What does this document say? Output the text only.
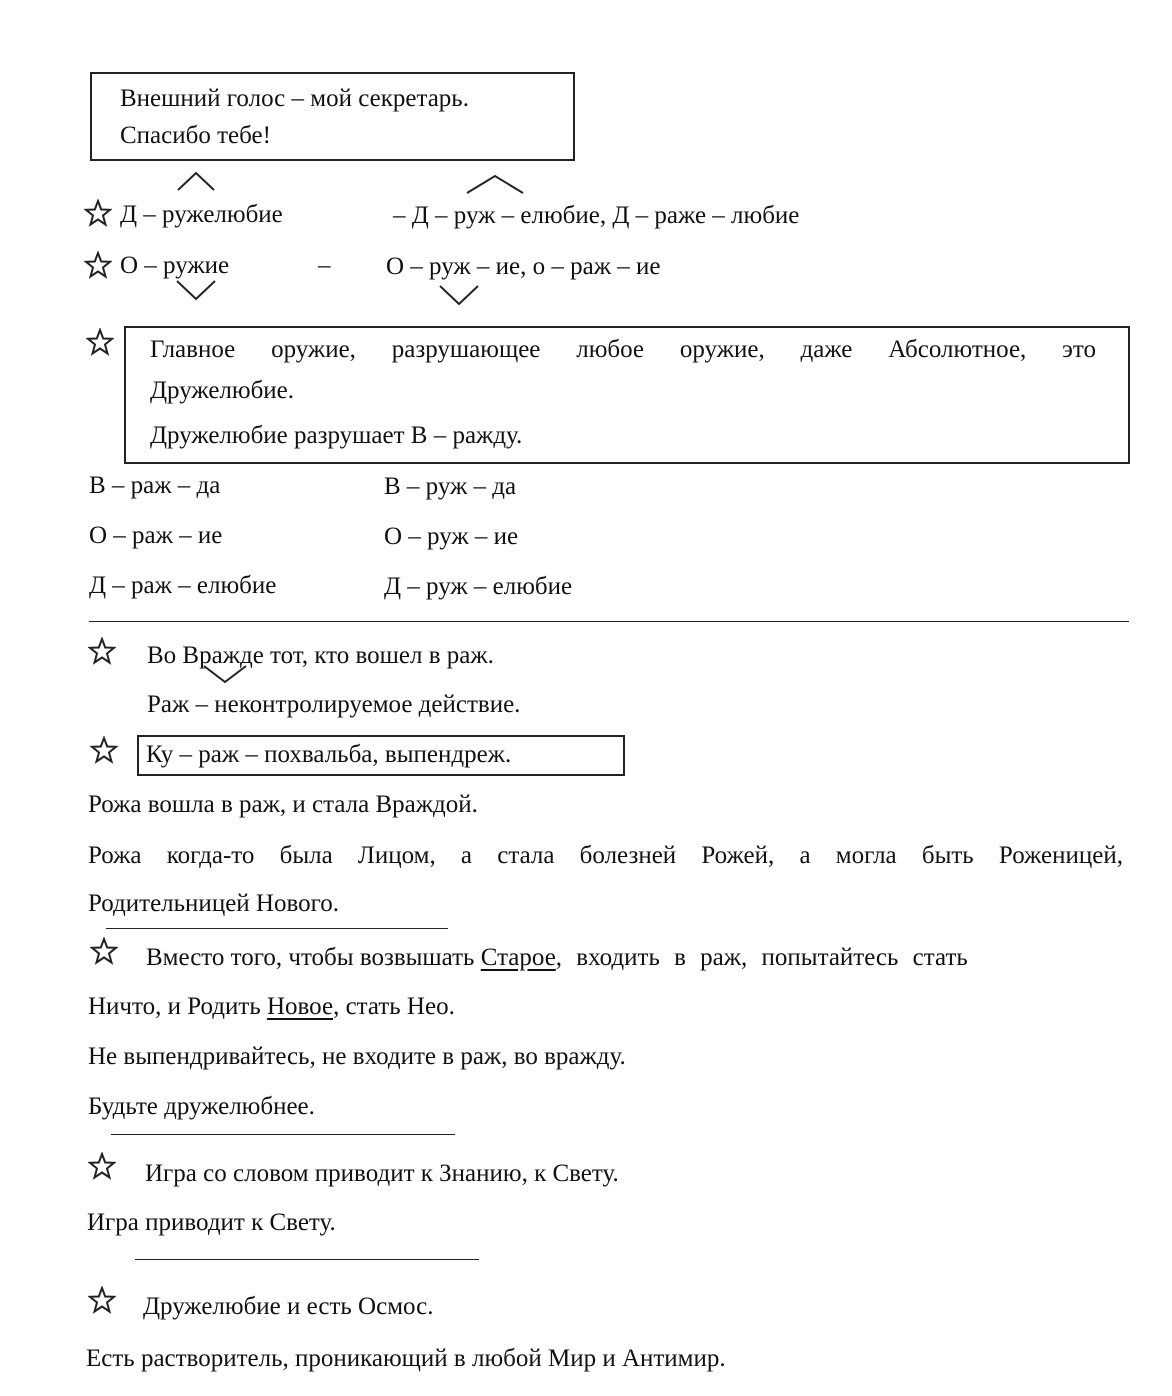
Внешний голос – мой секретарь.
Спасибо тебе!
Д – ружелюбие	– Д – руж – елюбие, Д – раже – любие
О – ружие	– О – руж – ие, о – раж – ие
Главное оружие, разрушающее любое оружие, даже Абсолютное, это
Дружелюбие.
Дружелюбие разрушает В – ражду.
В – раж – да	В – руж – да
О – раж – ие	О – руж – ие
Д – раж – елюбие	Д – руж – елюбие
Во Вражде тот, кто вошел в раж.
Раж – неконтролируемое действие.
Ку – раж – похвальба, выпендреж.
Рожа вошла в раж, и стала Враждой.
Рожа когда-то была Лицом, а стала болезней Рожей, а могла быть Роженицей,
Родительницей Нового.
Вместо того, чтобы возвышать Старое, входить в раж, попытайтесь стать
Ничто, и Родить Новое, стать Нео.
Не выпендривайтесь, не входите в раж, во вражду.
Будьте дружелюбнее.
Игра со словом приводит к Знанию, к Свету.
Игра приводит к Свету.
Дружелюбие и есть Осмос.
Есть растворитель, проникающий в любой Мир и Антимир.
